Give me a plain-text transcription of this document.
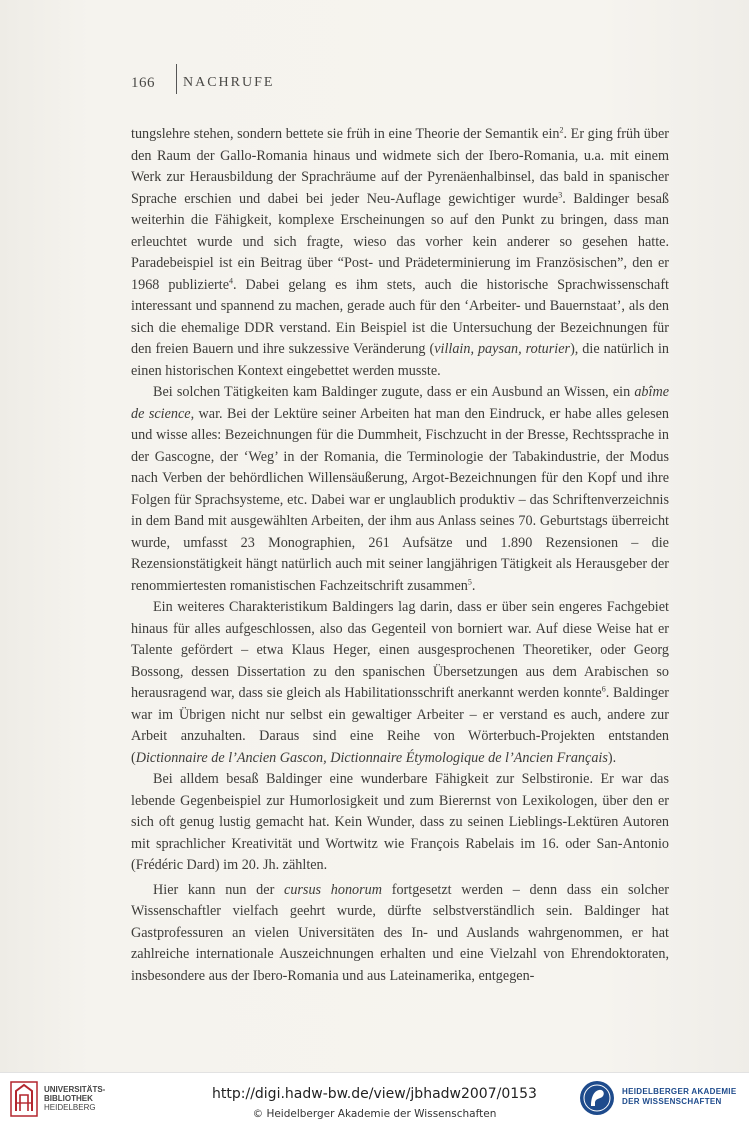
166 NACHRUFE

tungslehre stehen, sondern bettete sie früh in eine Theorie der Semantik ein$^2$. Er ging früh über den Raum der Gallo-Romania hinaus und widmete sich der Ibero-Romania, u.a. mit einem Werk zur Herausbildung der Sprachräume auf der Pyrenäenhalbinsel, das bald in spanischer Sprache erschien und dabei bei jeder Neu-Auflage gewichtiger wurde$^3$. Baldinger besaß weiterhin die Fähigkeit, komplexe Erscheinungen so auf den Punkt zu bringen, dass man erleuchtet wurde und sich fragte, wieso das vorher kein anderer so gesehen hatte. Paradebeispiel ist ein Beitrag über “Post- und Prädeterminierung im Französischen”, den er 1968 publizierte$^4$. Dabei gelang es ihm stets, auch die historische Sprachwissenschaft interessant und spannend zu machen, gerade auch für den ‘Arbeiter- und Bauernstaat’, als den sich die ehemalige DDR verstand. Ein Beispiel ist die Untersuchung der Bezeichnungen für den freien Bauern und ihre sukzessive Veränderung (villain, paysan, roturier), die natürlich in einen historischen Kontext eingebettet werden musste.

Bei solchen Tätigkeiten kam Baldinger zugute, dass er ein Ausbund an Wissen, ein abîme de science, war. Bei der Lektüre seiner Arbeiten hat man den Eindruck, er habe alles gelesen und wisse alles: Bezeichnungen für die Dummheit, Fischzucht in der Bresse, Rechtssprache in der Gascogne, der ‘Weg’ in der Romania, die Terminologie der Tabakindustrie, der Modus nach Verben der behördlichen Willensäußerung, Argot-Bezeichnungen für den Kopf und ihre Folgen für Sprachsysteme, etc. Dabei war er unglaublich produktiv – das Schriftenverzeichnis in dem Band mit ausgewählten Arbeiten, der ihm aus Anlass seines 70. Geburtstags überreicht wurde, umfasst 23 Monographien, 261 Aufsätze und 1.890 Rezensionen – die Rezensionstätigkeit hängt natürlich auch mit seiner langjährigen Tätigkeit als Herausgeber der renommiertesten romanistischen Fachzeitschrift zusammen$^5$.

Ein weiteres Charakteristikum Baldingers lag darin, dass er über sein engeres Fachgebiet hinaus für alles aufgeschlossen, also das Gegenteil von borniert war. Auf diese Weise hat er Talente gefördert – etwa Klaus Heger, einen ausgesprochenen Theoretiker, oder Georg Bossong, dessen Dissertation zu den spanischen Übersetzungen aus dem Arabischen so herausragend war, dass sie gleich als Habilitationsschrift anerkannt werden konnte$^6$. Baldinger war im Übrigen nicht nur selbst ein gewaltiger Arbeiter – er verstand es auch, andere zur Arbeit anzuhalten. Daraus sind eine Reihe von Wörterbuch-Projekten entstanden (Dictionnaire de l’Ancien Gascon, Dictionnaire Étymologique de l’Ancien Français).

Bei alldem besaß Baldinger eine wunderbare Fähigkeit zur Selbstironie. Er war das lebende Gegenbeispiel zur Humorlosigkeit und zum Bierernst von Lexikologen, über den er sich oft genug lustig gemacht hat. Kein Wunder, dass zu seinen Lieblings-Lektüren Autoren mit sprachlicher Kreativität und Wortwitz wie François Rabelais im 16. oder San-Antonio (Frédéric Dard) im 20. Jh. zählten.

Hier kann nun der cursus honorum fortgesetzt werden – denn dass ein solcher Wissenschaftler vielfach geehrt wurde, dürfte selbstverständlich sein. Baldinger hat Gastprofessuren an vielen Universitäten des In- und Auslands wahrgenommen, er hat zahlreiche internationale Auszeichnungen erhalten und eine Vielzahl von Ehrendoktoraten, insbesondere aus der Ibero-Romania und aus Lateinamerika, entgegen-

UNIVERSITÄTS-
BIBLIOTHEK
HEIDELBERG
http://digi.hadw-bw.de/view/jbhadw2007/0153
© Heidelberger Akademie der Wissenschaften
HEIDELBERGER AKADEMIE
DER WISSENSCHAFTEN
